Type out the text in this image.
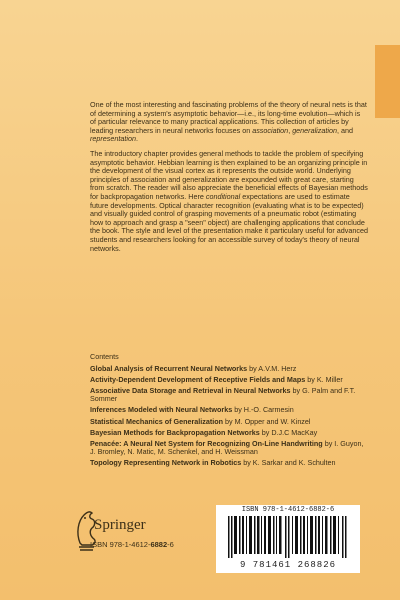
One of the most interesting and fascinating problems of the theory of neural nets is that of determining a system's asymptotic behavior—i.e., its long-time evolution—which is of particular relevance to many practical applications. This collection of articles by leading researchers in neural networks focuses on association, generalization, and representation.

The introductory chapter provides general methods to tackle the problem of specifying asymptotic behavior. Hebbian learning is then explained to be an organizing principle in the development of the visual cortex as it represents the outside world. Underlying principles of association and generalization are expounded with great care, starting from scratch. The reader will also appreciate the beneficial effects of Bayesian methods for backpropagation networks. Here conditional expectations are used to estimate future developments. Optical character recognition (evaluating what is to be expected) and visually guided control of grasping movements of a pneumatic robot (estimating how to approach and grasp a "seen" object) are challenging applications that conclude the book. The style and level of the presentation make it particulary useful for advanced students and researchers looking for an accessible survey of today's theory of neural networks.

Contents
Global Analysis of Recurrent Neural Networks by A.V.M. Herz
Activity-Dependent Development of Receptive Fields and Maps by K. Miller
Associative Data Storage and Retrieval in Neural Networks by G. Palm and F.T. Sommer
Inferences Modeled with Neural Networks by H.-O. Carmesin
Statistical Mechanics of Generalization by M. Opper and W. Kinzel
Bayesian Methods for Backpropagation Networks by D.J.C MacKay
Penacée: A Neural Net System for Recognizing On-Line Handwriting by I. Guyon, J. Bromley, N. Matic, M. Schenkel, and H. Weissman
Topology Representing Network in Robotics by K. Sarkar and K. Schulten
Springer
ISBN 978-1-4612-6882-6
ISBN 978-1-4612-6882-6
9 781461 268826
